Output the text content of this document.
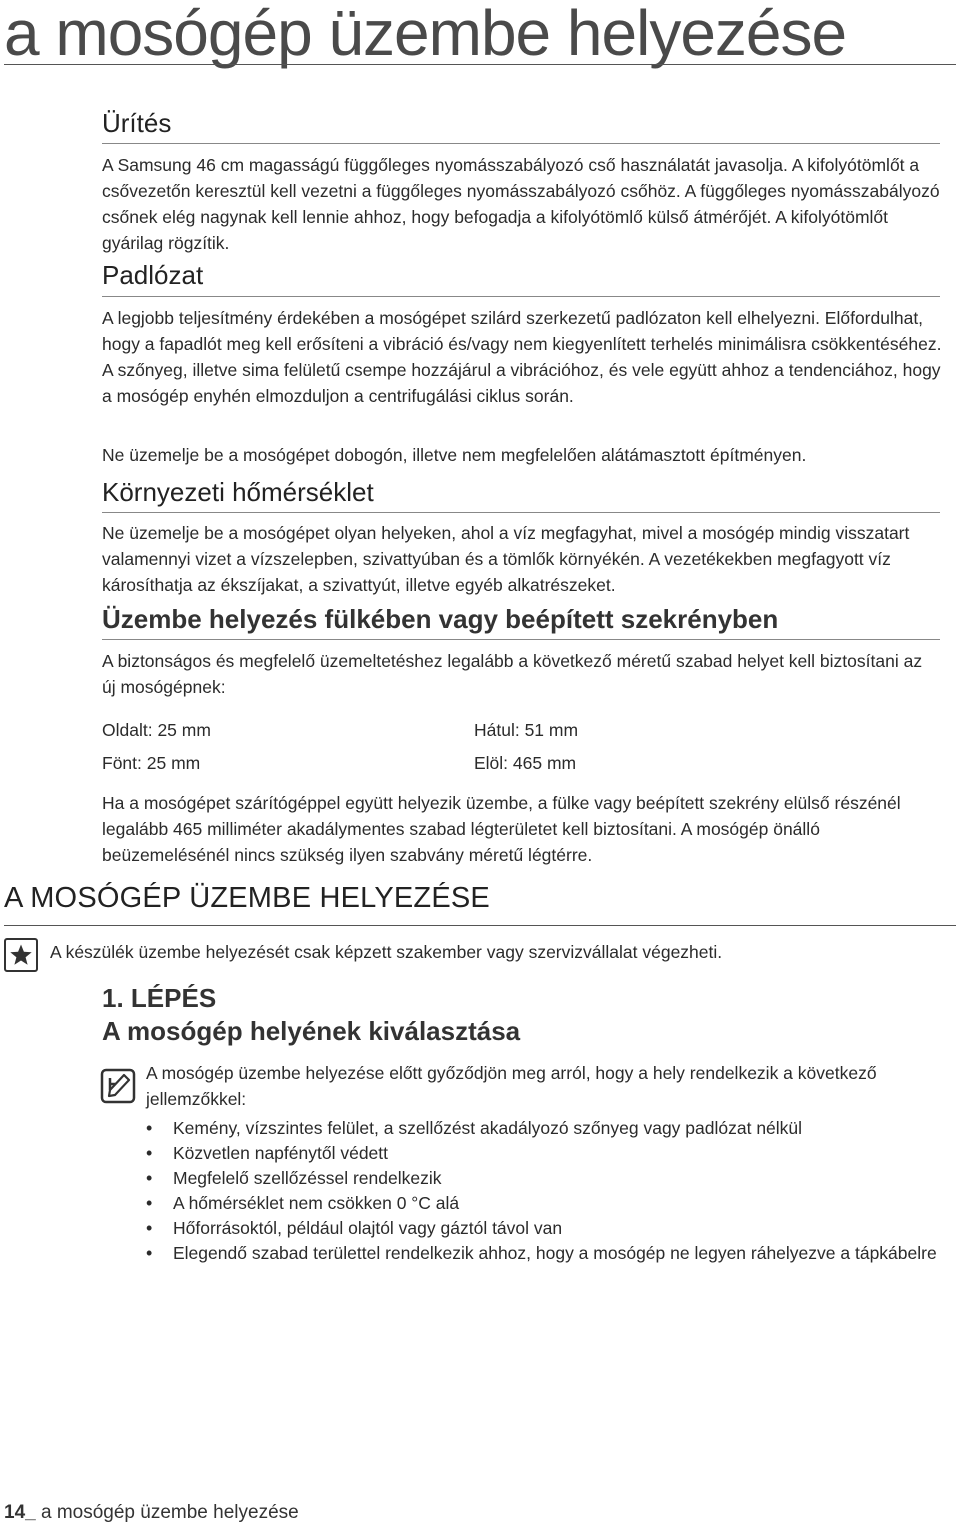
a mosógép üzembe helyezése
Ürítés

A Samsung 46 cm magasságú függőleges nyomásszabályozó cső használatát javasolja. A kifolyótömlőt a csővezetőn keresztül kell vezetni a függőleges nyomásszabályozó csőhöz. A függőleges nyomásszabályozó csőnek elég nagynak kell lennie ahhoz, hogy befogadja a kifolyótömlő külső átmérőjét. A kifolyótömlőt gyárilag rögzítik.

Padlózat

A legjobb teljesítmény érdekében a mosógépet szilárd szerkezetű padlózaton kell elhelyezni. Előfordulhat, hogy a fapadlót meg kell erősíteni a vibráció és/vagy nem kiegyenlített terhelés minimálisra csökkentéséhez. A szőnyeg, illetve sima felületű csempe hozzájárul a vibrációhoz, és vele együtt ahhoz a tendenciához, hogy a mosógép enyhén elmozduljon a centrifugálási ciklus során.

Ne üzemelje be a mosógépet dobogón, illetve nem megfelelően alátámasztott építményen.

Környezeti hőmérséklet

Ne üzemelje be a mosógépet olyan helyeken, ahol a víz megfagyhat, mivel a mosógép mindig visszatart valamennyi vizet a vízszelepben, szivattyúban és a tömlők környékén. A vezetékekben megfagyott víz károsíthatja az ékszíjakat, a szivattyút, illetve egyéb alkatrészeket.

Üzembe helyezés fülkében vagy beépített szekrényben

A biztonságos és megfelelő üzemeltetéshez legalább a következő méretű szabad helyet kell biztosítani az új mosógépnek:

Oldalt: 25 mm	Hátul: 51 mm
Fönt: 25 mm	Elöl: 465 mm

Ha a mosógépet szárítógéppel együtt helyezik üzembe, a fülke vagy beépített szekrény elülső részénél legalább 465 milliméter akadálymentes szabad légterületet kell biztosítani. A mosógép önálló beüzemelésénél nincs szükség ilyen szabvány méretű légtérre.

A MOSÓGÉP ÜZEMBE HELYEZÉSE
A készülék üzembe helyezését csak képzett szakember vagy szervizvállalat végezheti.
1. LÉPÉS
A mosógép helyének kiválasztása

A mosógép üzembe helyezése előtt győződjön meg arról, hogy a hely rendelkezik a következő jellemzőkkel:

• Kemény, vízszintes felület, a szellőzést akadályozó szőnyeg vagy padlózat nélkül
• Közvetlen napfénytől védett
• Megfelelő szellőzéssel rendelkezik
• A hőmérséklet nem csökken 0 °C alá
• Hőforrásoktól, például olajtól vagy gáztól távol van
• Elegendő szabad területtel rendelkezik ahhoz, hogy a mosógép ne legyen ráhelyezve a tápkábelre
14_ a mosógép üzembe helyezése
